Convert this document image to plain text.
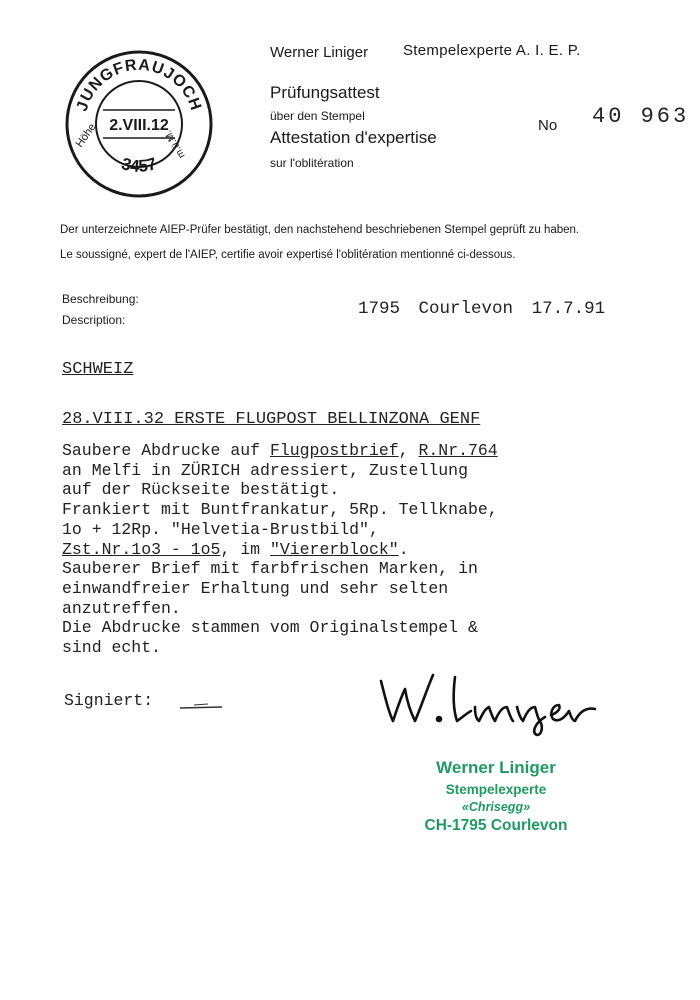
JUNGFRAUJOCH
3457
Höhe	m.ü.M.
2.VIII.12
Werner Liniger Stempelexperte A. I. E. P.
Prüfungsattest
über den Stempel
Attestation d'expertise
sur l'oblitération
No 40 963
Der unterzeichnete AIEP-Prüfer bestätigt, den nachstehend beschriebenen Stempel geprüft zu haben.
Le soussigné, expert de l'AIEP, certifie avoir expertisé l'oblitération mentionné ci-dessous.
Beschreibung:
Description:
1795 Courlevon 17.7.91
SCHWEIZ
28.VIII.32 ERSTE FLUGPOST BELLINZONA GENF
Saubere Abdrucke auf Flugpostbrief, R.Nr.764
an Melfi in ZÜRICH adressiert, Zustellung
auf der Rückseite bestätigt.
Frankiert mit Buntfrankatur, 5Rp. Tellknabe,
1o + 12Rp. "Helvetia-Brustbild",
Zst.Nr.1o3 - 1o5, im "Viererblock".
Sauberer Brief mit farbfrischen Marken, in
einwandfreier Erhaltung und sehr selten
anzutreffen.
Die Abdrucke stammen vom Originalstempel &
sind echt.
Signiert:
W. Liniger
Werner Liniger
Stempelexperte
«Chrisegg»
CH-1795 Courlevon
